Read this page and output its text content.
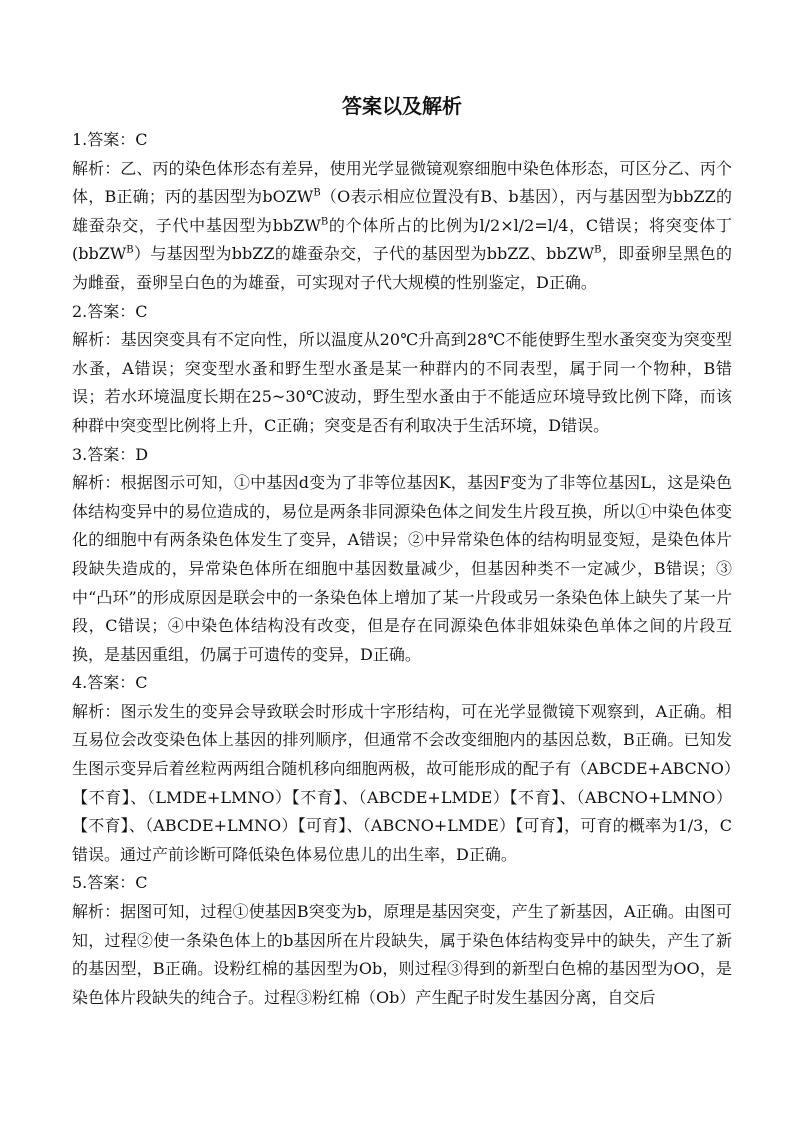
答案以及解析

1.答案：C

解析：乙、丙的染色体形态有差异，使用光学显微镜观察细胞中染色体形态，可区分乙、丙个体，B正确；丙的基因型为bOZW$^B$（O表示相应位置没有B、b基因），丙与基因型为bbZZ的雄蚕杂交，子代中基因型为bbZW$^B$的个体所占的比例为l/2×l/2=l/4，C错误；将突变体丁(bbZW$^B$）与基因型为bbZZ的雄蚕杂交，子代的基因型为bbZZ、bbZW$^B$，即蚕卵呈黑色的为雌蚕，蚕卵呈白色的为雄蚕，可实现对子代大规模的性别鉴定，D正确。

2.答案：C

解析：基因突变具有不定向性，所以温度从20℃升高到28℃不能使野生型水蚤突变为突变型水蚤，A错误；突变型水蚤和野生型水蚤是某一种群内的不同表型，属于同一个物种，B错误；若水环境温度长期在25~30℃波动，野生型水蚤由于不能适应环境导致比例下降，而该种群中突变型比例将上升，C正确；突变是否有利取决于生活环境，D错误。

3.答案：D

解析：根据图示可知，①中基因d变为了非等位基因K，基因F变为了非等位基因L，这是染色体结构变异中的易位造成的，易位是两条非同源染色体之间发生片段互换，所以①中染色体变化的细胞中有两条染色体发生了变异，A错误；②中异常染色体的结构明显变短，是染色体片段缺失造成的，异常染色体所在细胞中基因数量减少，但基因种类不一定减少，B错误；③中“凸环”的形成原因是联会中的一条染色体上增加了某一片段或另一条染色体上缺失了某一片段，C错误；④中染色体结构没有改变，但是存在同源染色体非姐妹染色单体之间的片段互换，是基因重组，仍属于可遗传的变异，D正确。

4.答案：C

解析：图示发生的变异会导致联会时形成十字形结构，可在光学显微镜下观察到，A正确。相互易位会改变染色体上基因的排列顺序，但通常不会改变细胞内的基因总数，B正确。已知发生图示变异后着丝粒两两组合随机移向细胞两极，故可能形成的配子有（ABCDE+ABCNO）【不育】、（LMDE+LMNO）【不育】、（ABCDE+LMDE）【不育】、（ABCNO+LMNO）【不育】、（ABCDE+LMNO）【可育】、（ABCNO+LMDE）【可育】，可育的概率为1/3，C错误。通过产前诊断可降低染色体易位患儿的出生率，D正确。

5.答案：C

解析：据图可知，过程①使基因B突变为b，原理是基因突变，产生了新基因，A正确。由图可知，过程②使一条染色体上的b基因所在片段缺失，属于染色体结构变异中的缺失，产生了新的基因型，B正确。设粉红棉的基因型为Ob，则过程③得到的新型白色棉的基因型为OO，是染色体片段缺失的纯合子。过程③粉红棉（Ob）产生配子时发生基因分离，自交后
